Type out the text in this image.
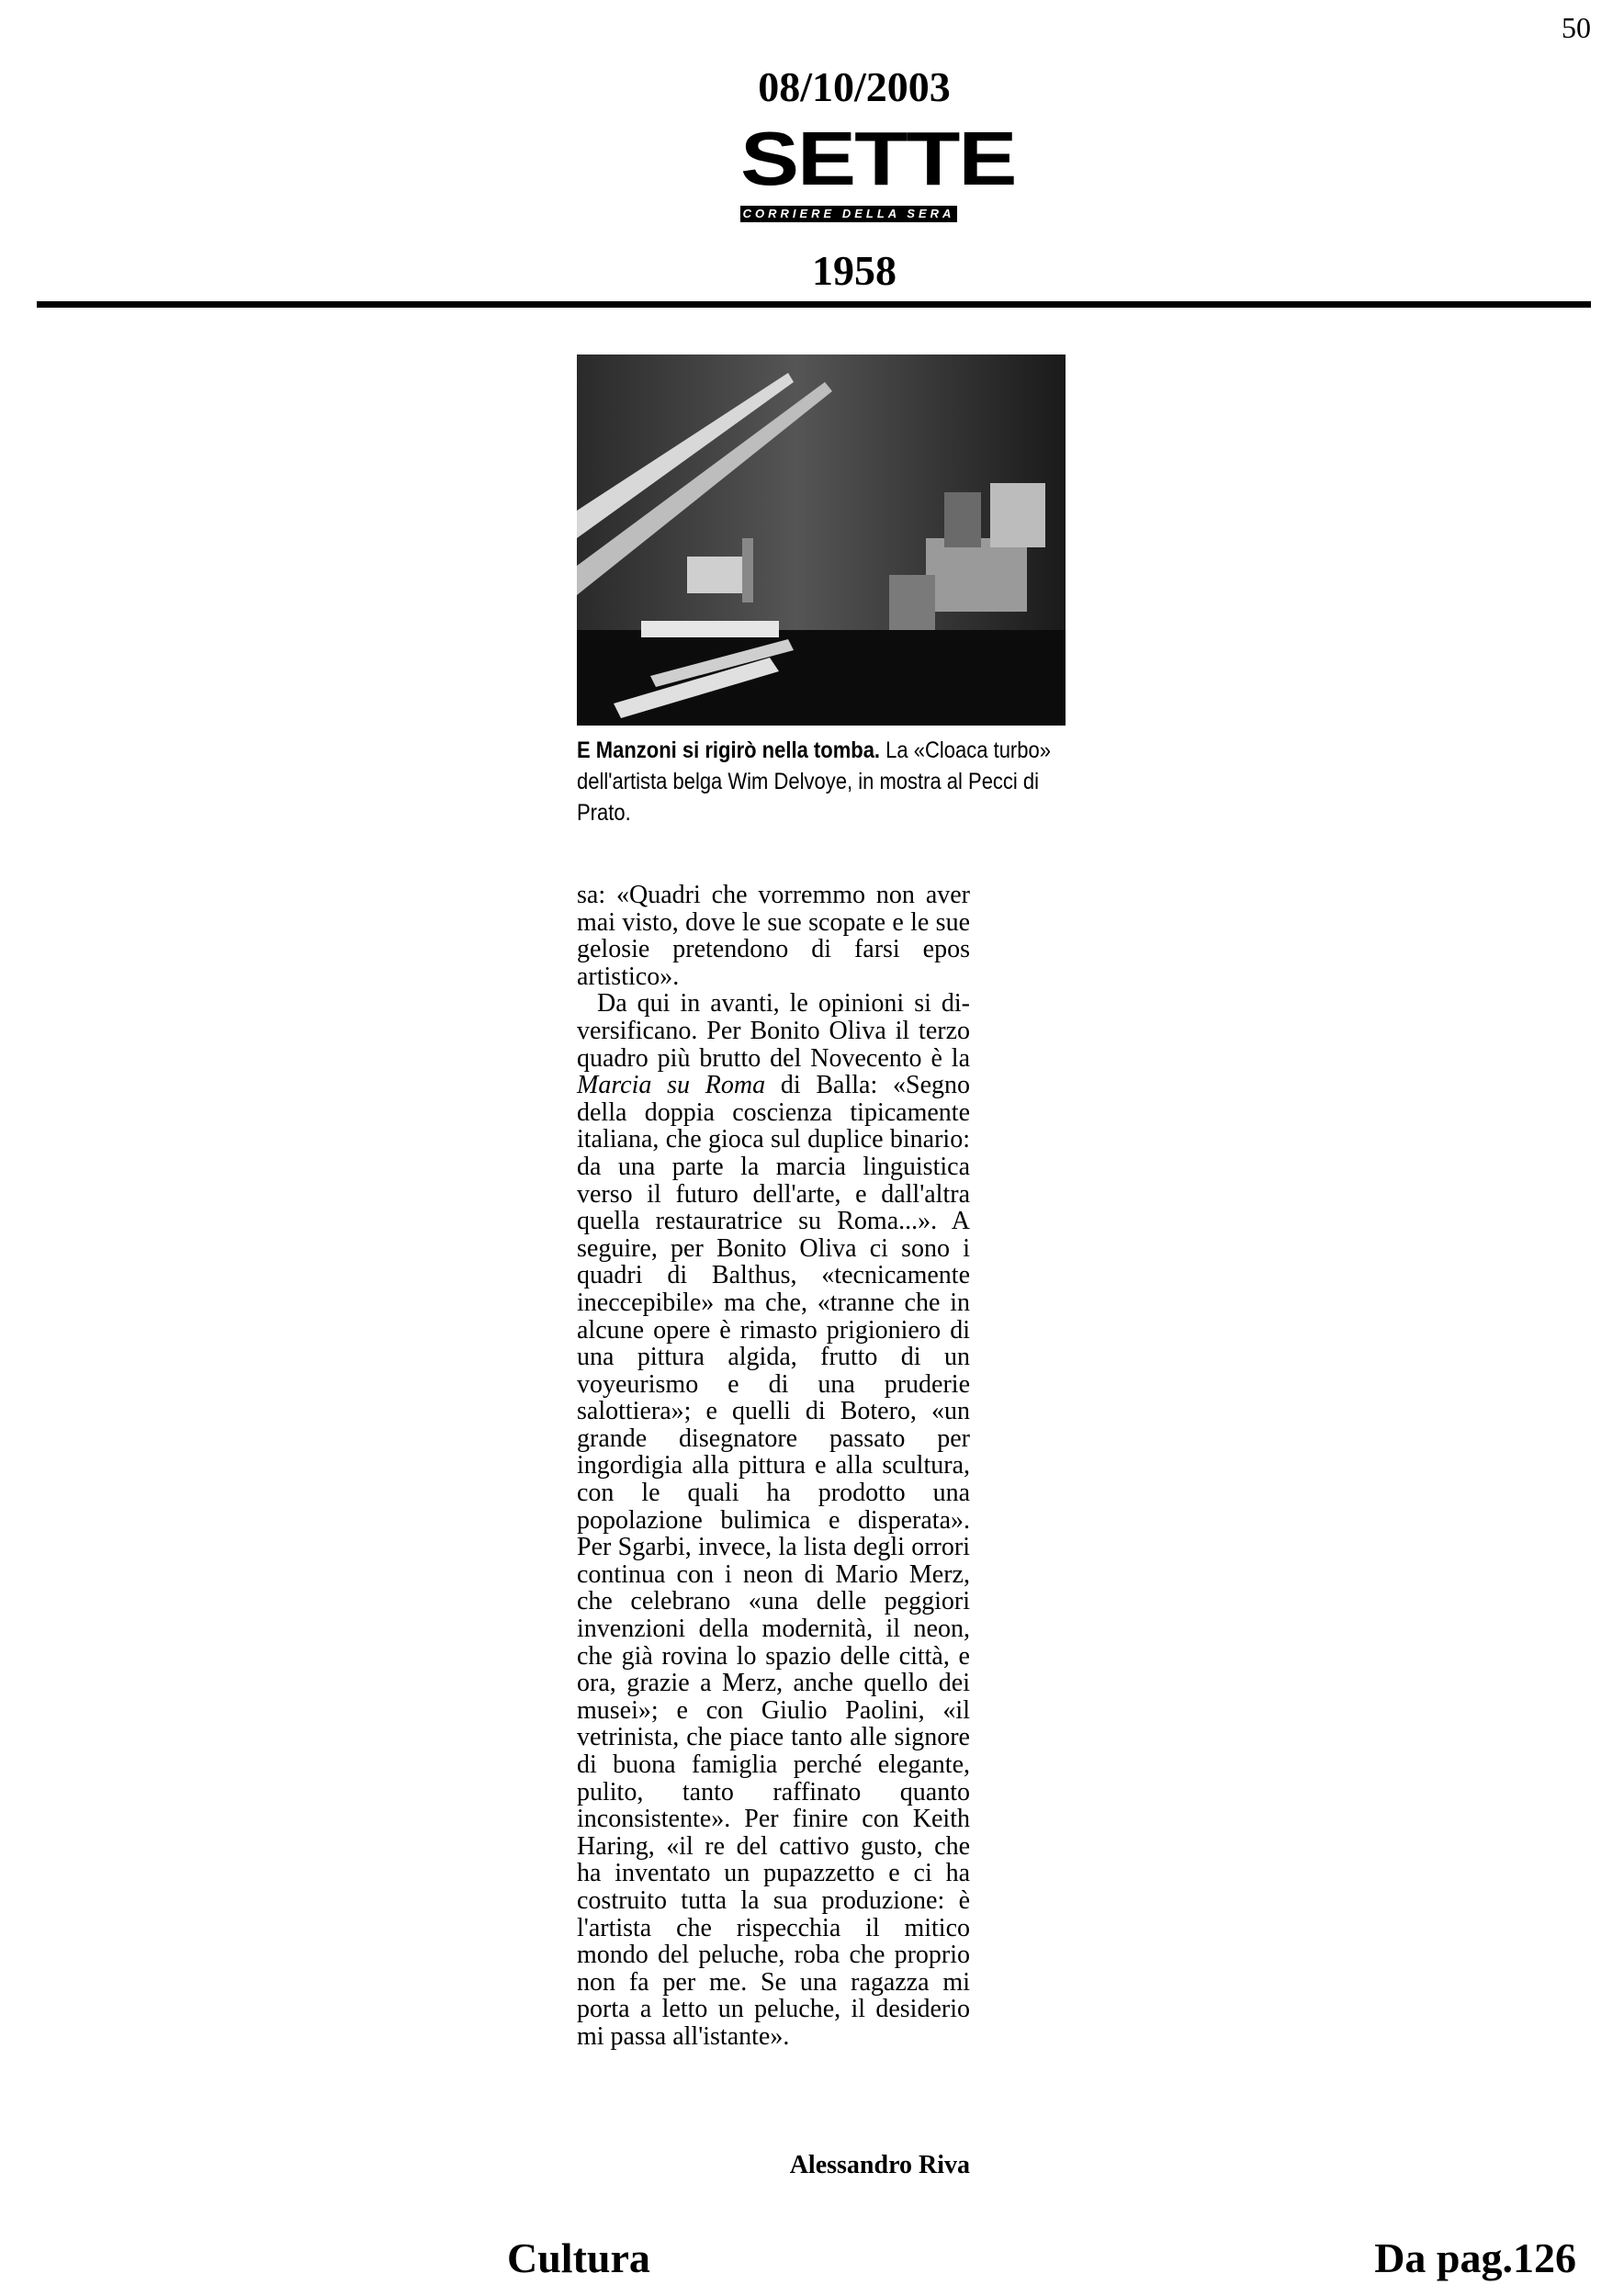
50
08/10/2003
SETTE
CORRIERE DELLA SERA
1958
E Manzoni si rigirò nella tomba. La «Cloaca turbo» dell'artista belga Wim Delvoye, in mostra al Pecci di Prato.

sa: «Quadri che vorremmo non aver mai visto, dove le sue scopate e le sue gelosie pretendono di farsi epos artistico».

Da qui in avanti, le opinioni si di-versificano. Per Bonito Oliva il terzo quadro più brutto del Novecento è la Marcia su Roma di Balla: «Segno della doppia coscienza tipicamente italiana, che gioca sul duplice binario: da una parte la marcia linguistica verso il futuro dell'arte, e dall'altra quella restauratrice su Roma...». A seguire, per Bonito Oliva ci sono i quadri di Balthus, «tecnicamente ineccepibile» ma che, «tranne che in alcune opere è rimasto prigioniero di una pittura algida, frutto di un voyeurismo e di una pruderie salottiera»; e quelli di Botero, «un grande disegnatore passato per ingordigia alla pittura e alla scultura, con le quali ha prodotto una popolazione bulimica e disperata». Per Sgarbi, invece, la lista degli orrori continua con i neon di Mario Merz, che celebrano «una delle peggiori invenzioni della modernità, il neon, che già rovina lo spazio delle città, e ora, grazie a Merz, anche quello dei musei»; e con Giulio Paolini, «il vetrinista, che piace tanto alle signore di buona famiglia perché elegante, pulito, tanto raffinato quanto inconsistente». Per finire con Keith Haring, «il re del cattivo gusto, che ha inventato un pupazzetto e ci ha costruito tutta la sua produzione: è l'artista che rispecchia il mitico mondo del peluche, roba che proprio non fa per me. Se una ragazza mi porta a letto un peluche, il desiderio mi passa all'istante».

Alessandro Riva
Cultura	Da pag.126
